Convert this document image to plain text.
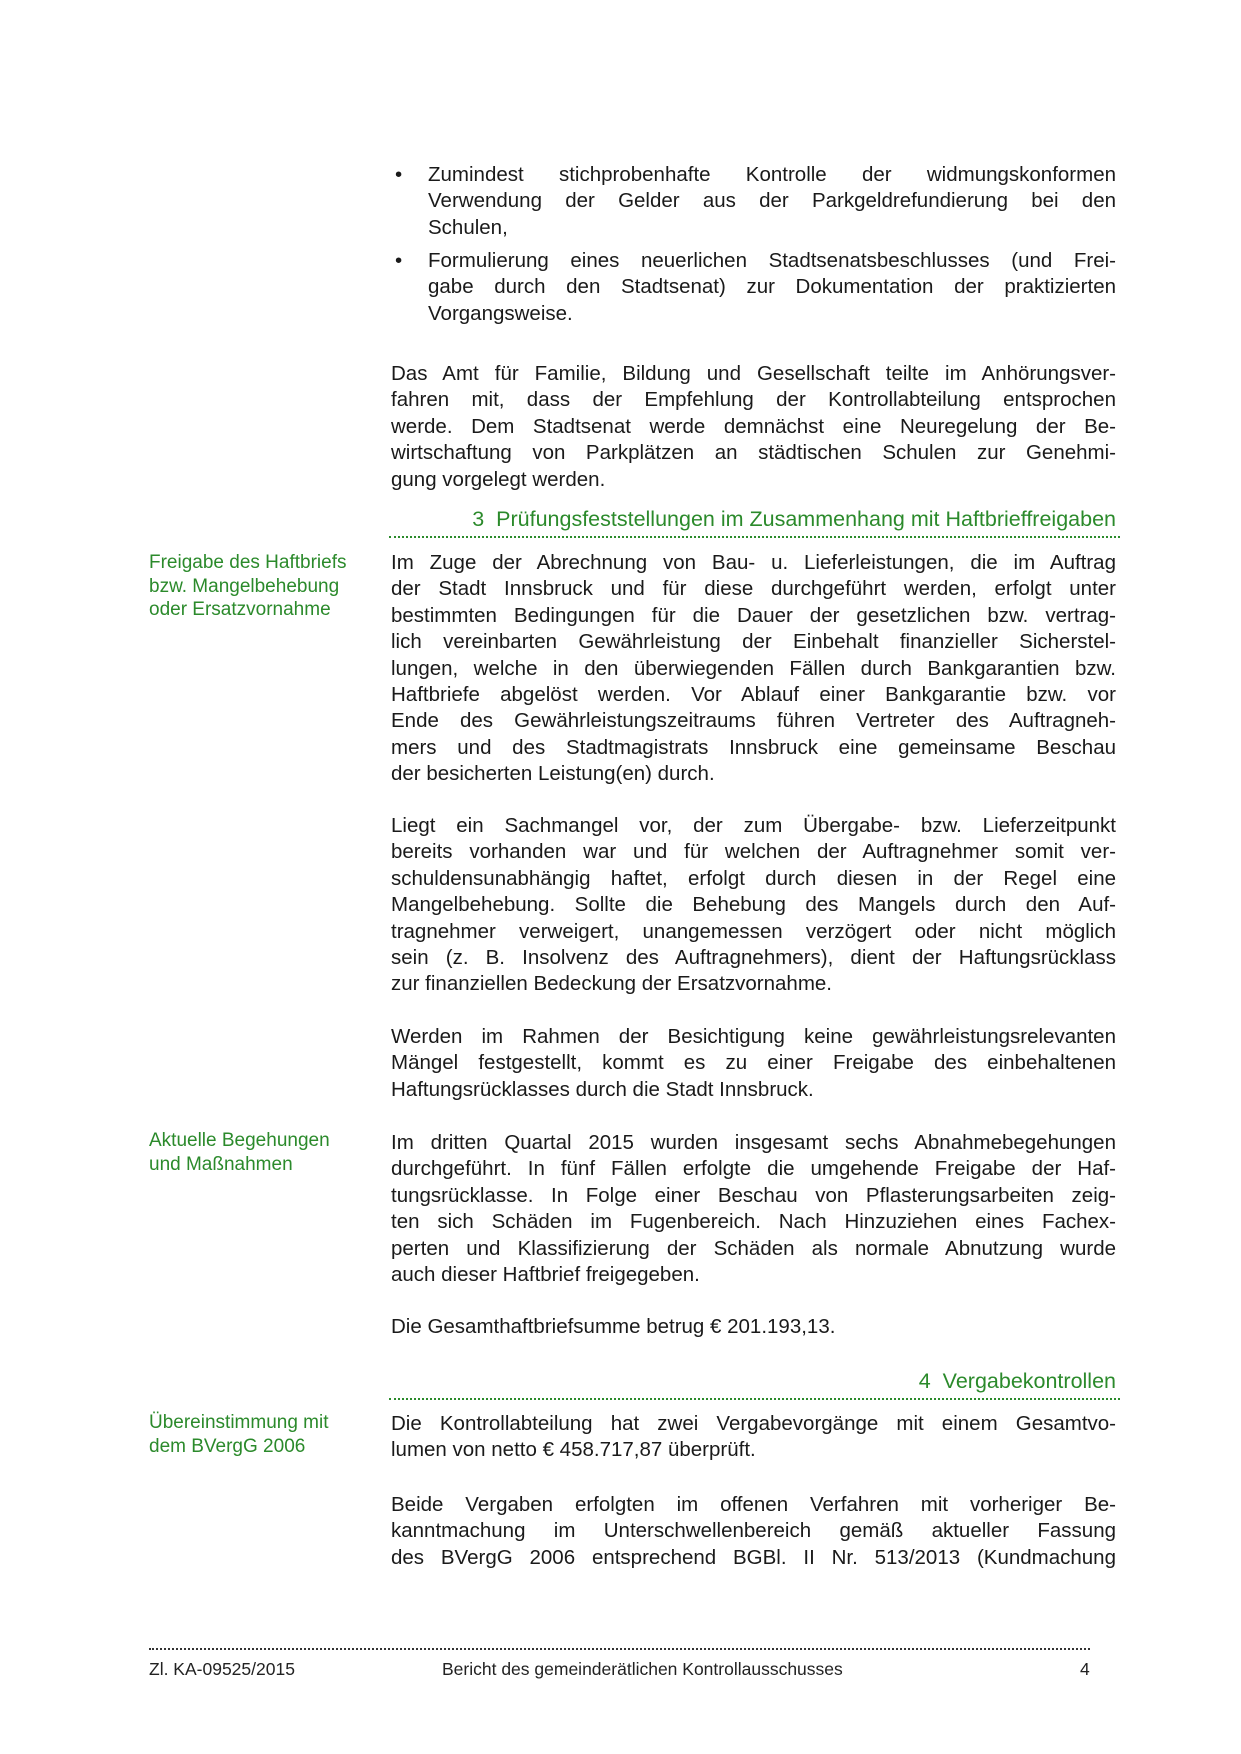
• Zumindest stichprobenhafte Kontrolle der widmungskonformen
Verwendung der Gelder aus der Parkgeldrefundierung bei den
Schulen,
• Formulierung eines neuerlichen Stadtsenatsbeschlusses (und Frei-
gabe durch den Stadtsenat) zur Dokumentation der praktizierten
Vorgangsweise.
Das Amt für Familie, Bildung und Gesellschaft teilte im Anhörungsver-
fahren mit, dass der Empfehlung der Kontrollabteilung entsprochen
werde. Dem Stadtsenat werde demnächst eine Neuregelung der Be-
wirtschaftung von Parkplätzen an städtischen Schulen zur Genehmi-
gung vorgelegt werden.
3 Prüfungsfeststellungen im Zusammenhang mit Haftbrieffreigaben
Freigabe des Haftbriefs
bzw. Mangelbehebung
oder Ersatzvornahme
Im Zuge der Abrechnung von Bau- u. Lieferleistungen, die im Auftrag
der Stadt Innsbruck und für diese durchgeführt werden, erfolgt unter
bestimmten Bedingungen für die Dauer der gesetzlichen bzw. vertrag-
lich vereinbarten Gewährleistung der Einbehalt finanzieller Sicherstel-
lungen, welche in den überwiegenden Fällen durch Bankgarantien bzw.
Haftbriefe abgelöst werden. Vor Ablauf einer Bankgarantie bzw. vor
Ende des Gewährleistungszeitraums führen Vertreter des Auftragneh-
mers und des Stadtmagistrats Innsbruck eine gemeinsame Beschau
der besicherten Leistung(en) durch.
Liegt ein Sachmangel vor, der zum Übergabe- bzw. Lieferzeitpunkt
bereits vorhanden war und für welchen der Auftragnehmer somit ver-
schuldensunabhängig haftet, erfolgt durch diesen in der Regel eine
Mangelbehebung. Sollte die Behebung des Mangels durch den Auf-
tragnehmer verweigert, unangemessen verzögert oder nicht möglich
sein (z. B. Insolvenz des Auftragnehmers), dient der Haftungsrücklass
zur finanziellen Bedeckung der Ersatzvornahme.
Werden im Rahmen der Besichtigung keine gewährleistungsrelevanten
Mängel festgestellt, kommt es zu einer Freigabe des einbehaltenen
Haftungsrücklasses durch die Stadt Innsbruck.
Aktuelle Begehungen
und Maßnahmen
Im dritten Quartal 2015 wurden insgesamt sechs Abnahmebegehungen
durchgeführt. In fünf Fällen erfolgte die umgehende Freigabe der Haf-
tungsrücklasse. In Folge einer Beschau von Pflasterungsarbeiten zeig-
ten sich Schäden im Fugenbereich. Nach Hinzuziehen eines Fachex-
perten und Klassifizierung der Schäden als normale Abnutzung wurde
auch dieser Haftbrief freigegeben.
Die Gesamthaftbriefsumme betrug € 201.193,13.
4 Vergabekontrollen
Übereinstimmung mit
dem BVergG 2006
Die Kontrollabteilung hat zwei Vergabevorgänge mit einem Gesamtvo-
lumen von netto € 458.717,87 überprüft.
Beide Vergaben erfolgten im offenen Verfahren mit vorheriger Be-
kanntmachung im Unterschwellenbereich gemäß aktueller Fassung
des BVergG 2006 entsprechend BGBl. II Nr. 513/2013 (Kundmachung
Zl. KA-09525/2015	Bericht des gemeinderätlichen Kontrollausschusses	4
